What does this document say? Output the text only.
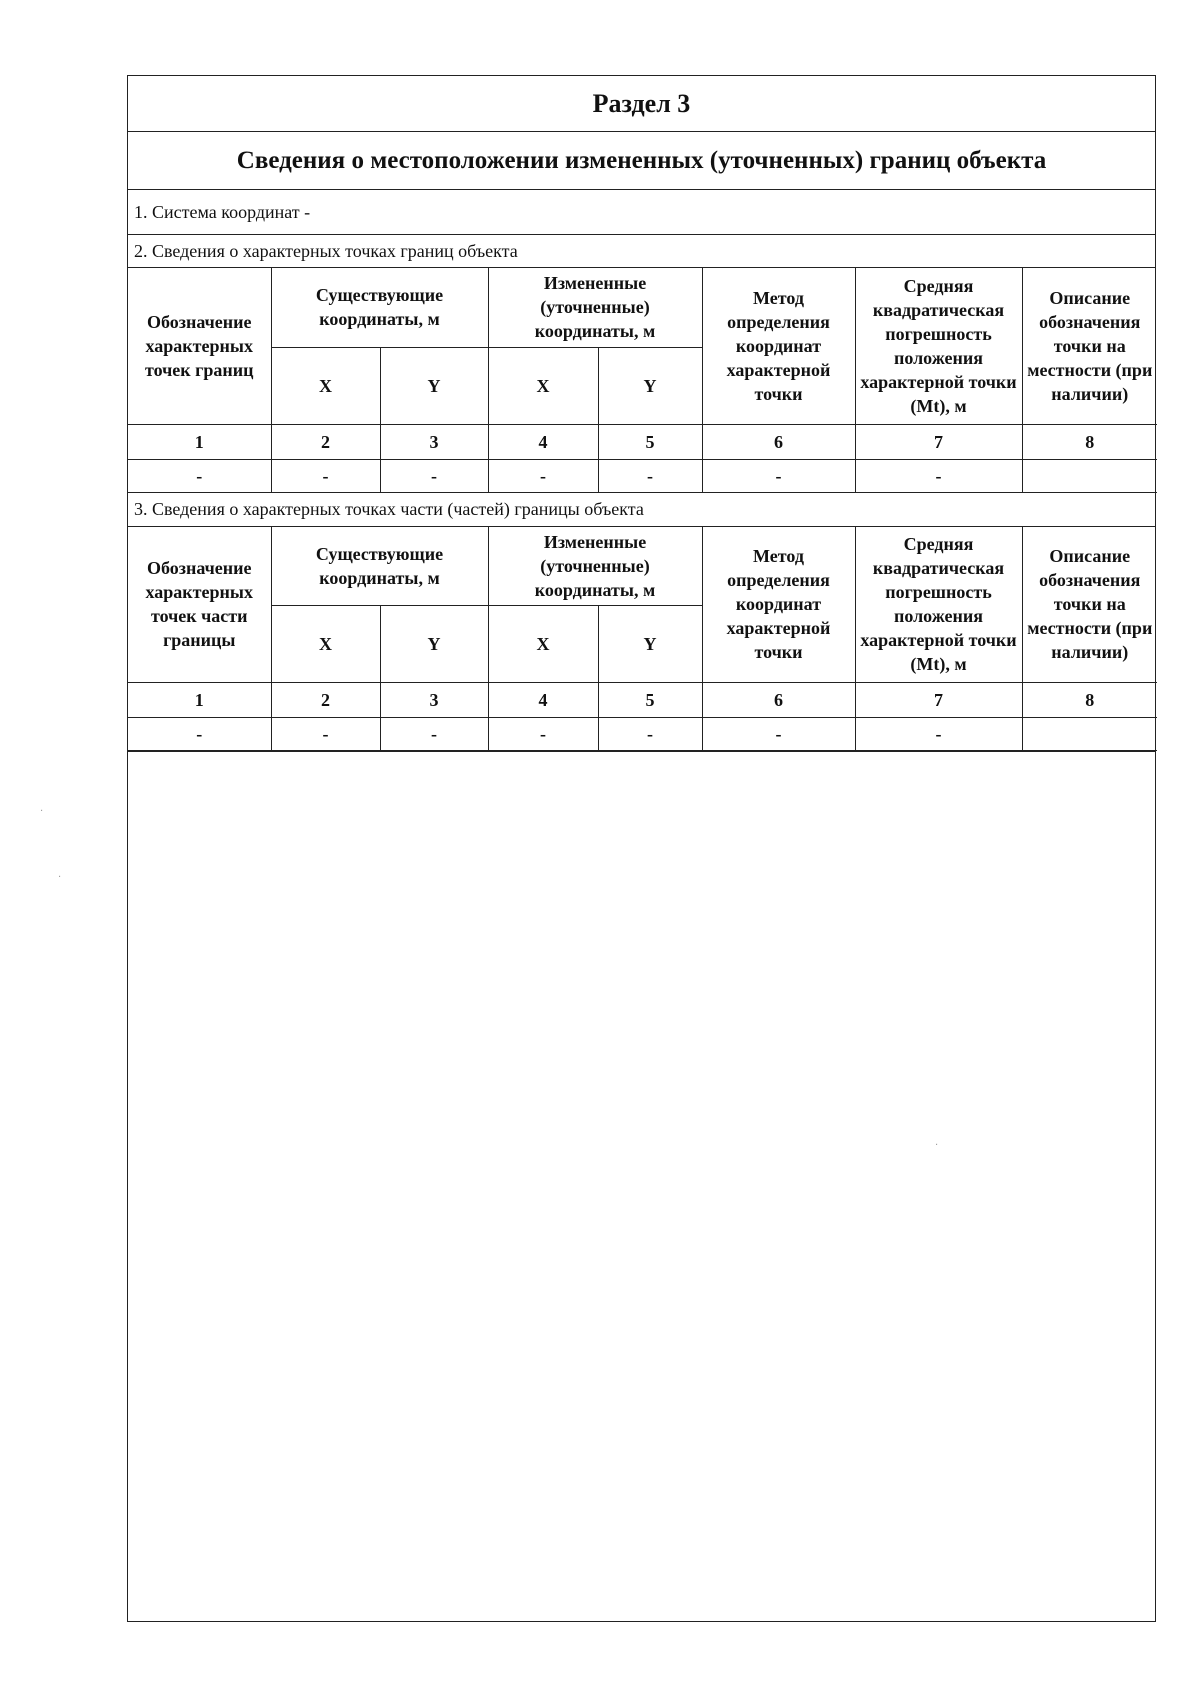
Раздел 3
Сведения о местоположении измененных (уточненных) границ объекта
1. Система координат -
2. Сведения о характерных точках границ объекта
Обозначение характерных точек границ	Существующие координаты, м		Измененные (уточненные) координаты, м		Метод определения координат характерной точки	Средняя квадратическая погрешность положения характерной точки (Mt), м	Описание обозначения точки на местности (при наличии)
	X	Y	X	Y			
1	2	3	4	5	6	7	8
-	-	-	-	-	-	-	
3. Сведения о характерных точках части (частей) границы объекта
Обозначение характерных точек части границы	Существующие координаты, м		Измененные (уточненные) координаты, м		Метод определения координат характерной точки	Средняя квадратическая погрешность положения характерной точки (Mt), м	Описание обозначения точки на местности (при наличии)
	X	Y	X	Y			
1	2	3	4	5	6	7	8
-	-	-	-	-	-	-	
·
·
·
